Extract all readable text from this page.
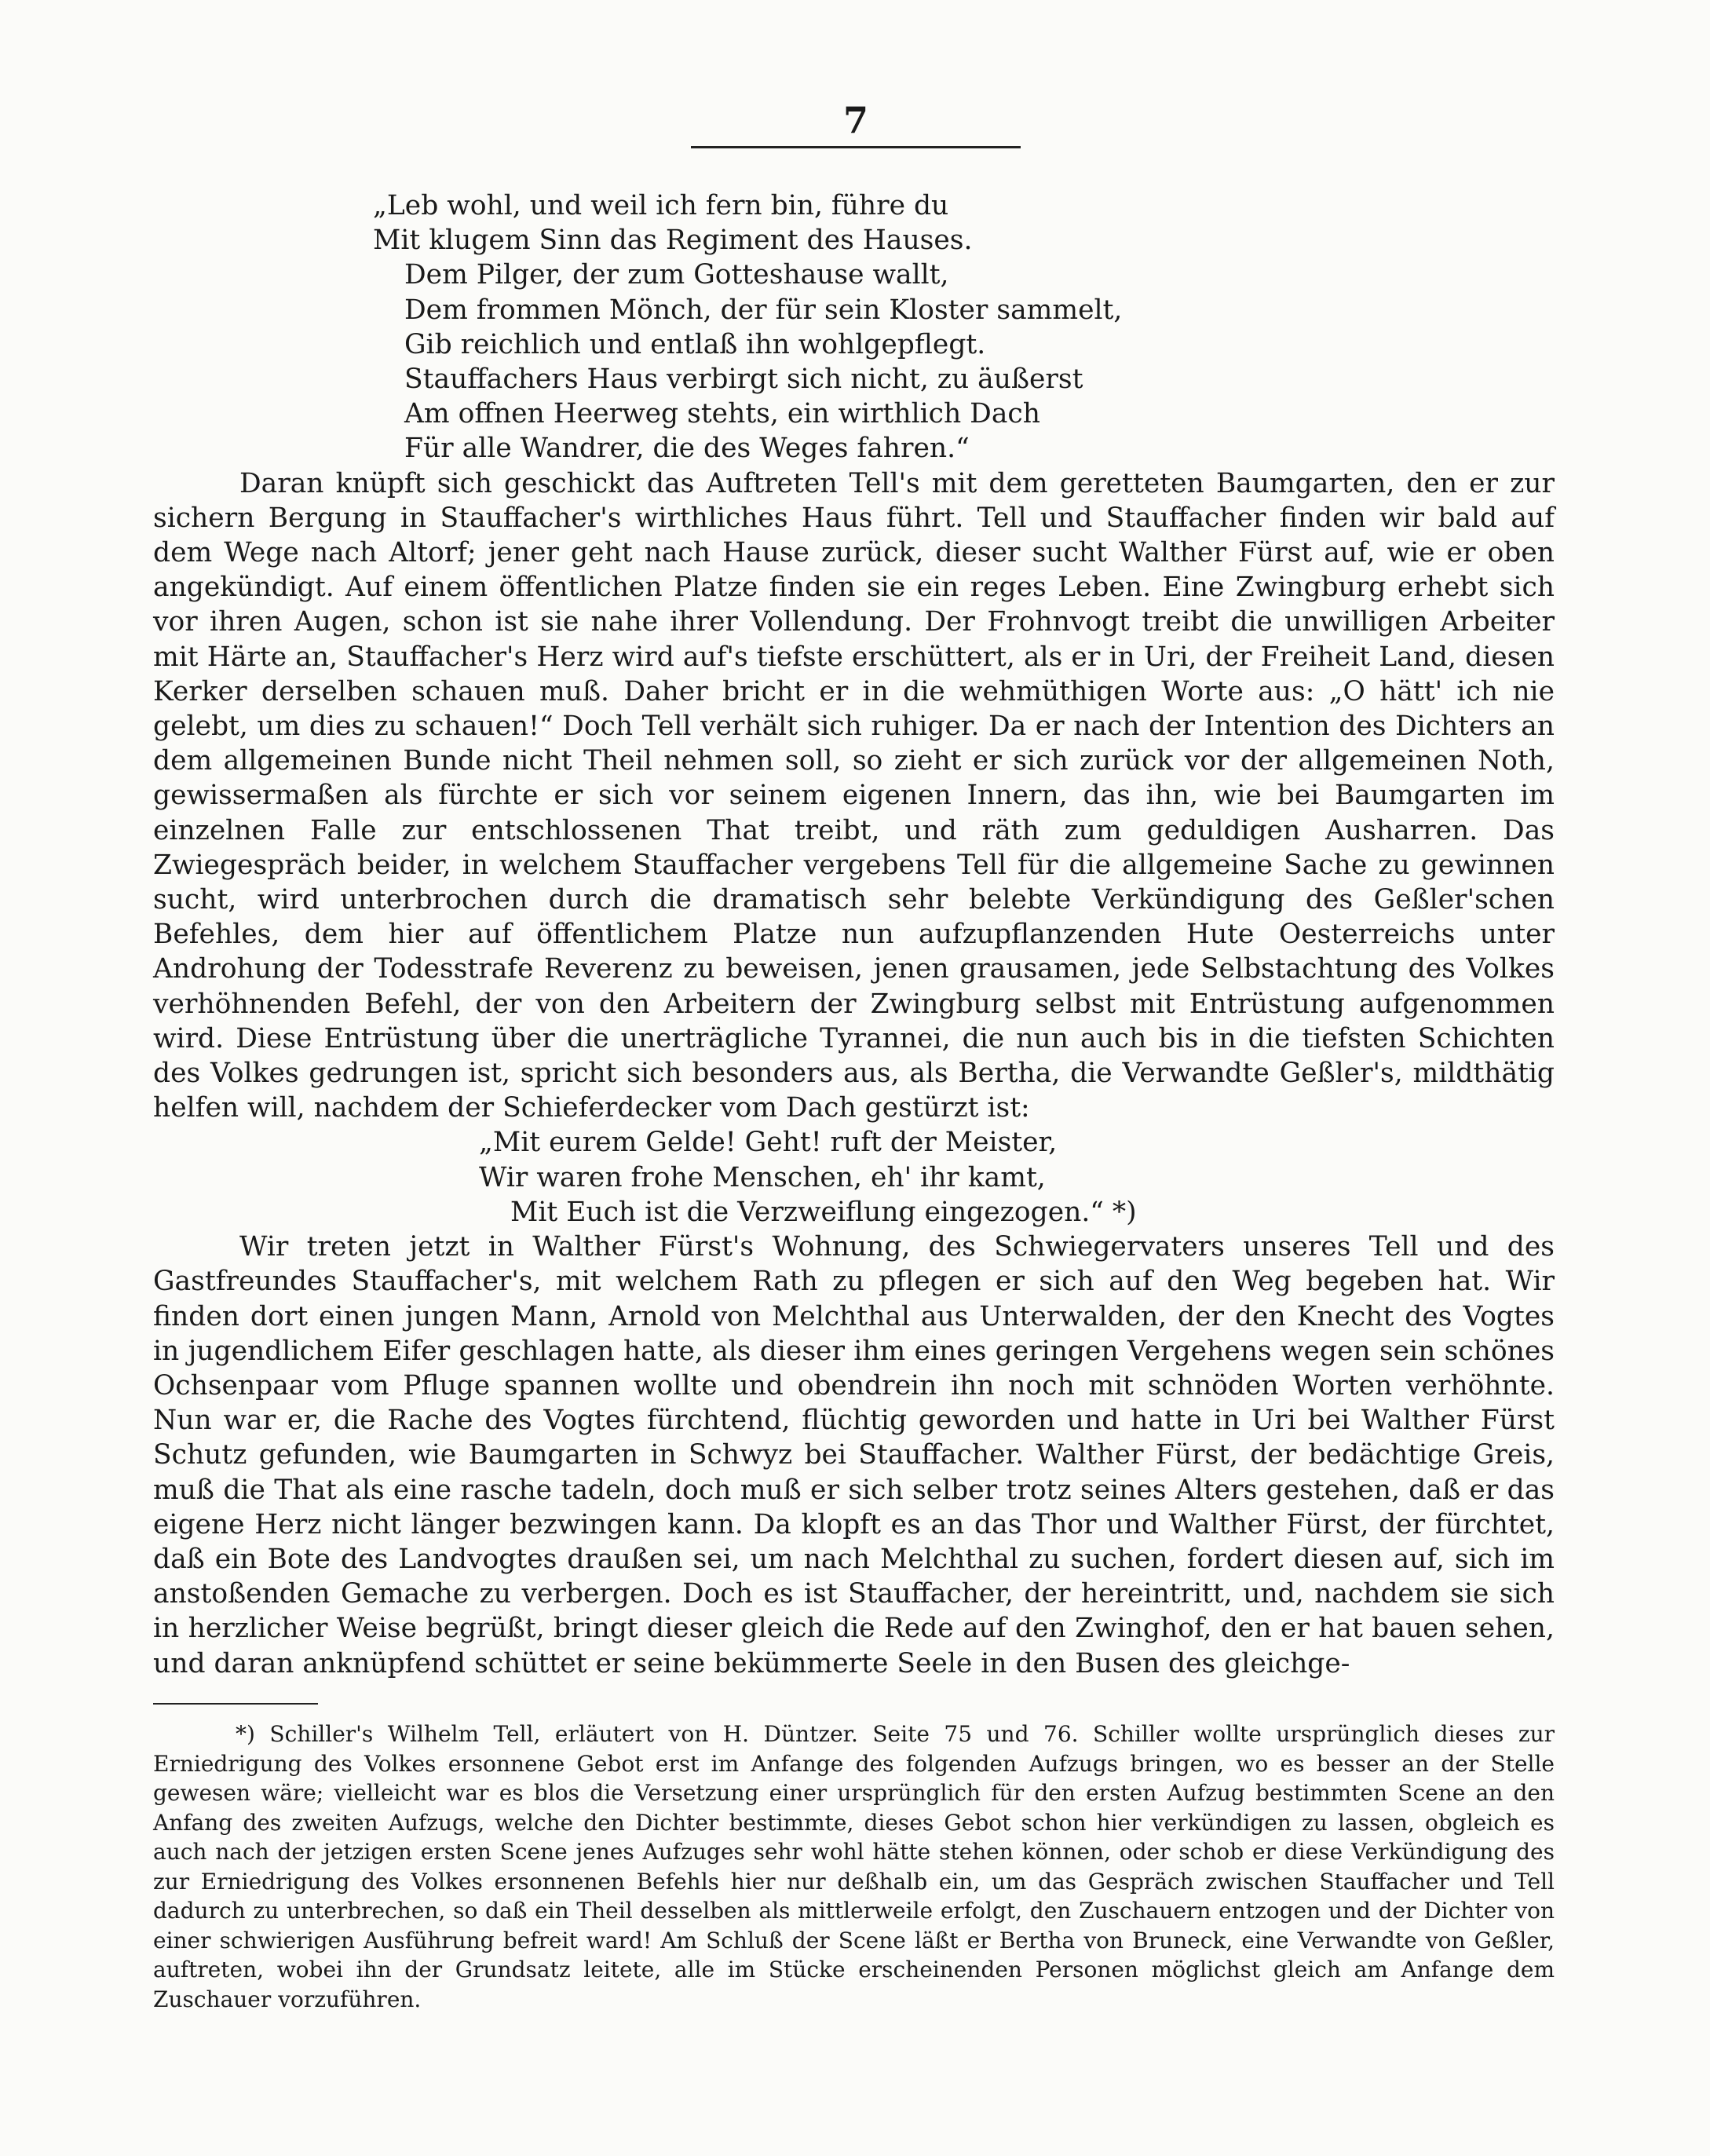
7
„Leb wohl, und weil ich fern bin, führe du
Mit klugem Sinn das Regiment des Hauses.
Dem Pilger, der zum Gotteshause wallt,
Dem frommen Mönch, der für sein Kloster sammelt,
Gib reichlich und entlaß ihn wohlgepflegt.
Stauffachers Haus verbirgt sich nicht, zu äußerst
Am offnen Heerweg stehts, ein wirthlich Dach
Für alle Wandrer, die des Weges fahren.“

Daran knüpft sich geschickt das Auftreten Tell's mit dem geretteten Baumgarten, den er zur sichern Bergung in Stauffacher's wirthliches Haus führt. Tell und Stauffacher finden wir bald auf dem Wege nach Altorf; jener geht nach Hause zurück, dieser sucht Walther Fürst auf, wie er oben angekündigt. Auf einem öffentlichen Platze finden sie ein reges Leben. Eine Zwingburg erhebt sich vor ihren Augen, schon ist sie nahe ihrer Vollendung. Der Frohnvogt treibt die unwilligen Arbeiter mit Härte an, Stauffacher's Herz wird auf's tiefste erschüttert, als er in Uri, der Freiheit Land, diesen Kerker derselben schauen muß. Daher bricht er in die wehmüthigen Worte aus: „O hätt' ich nie gelebt, um dies zu schauen!“ Doch Tell verhält sich ruhiger. Da er nach der Intention des Dichters an dem allgemeinen Bunde nicht Theil nehmen soll, so zieht er sich zurück vor der allgemeinen Noth, gewissermaßen als fürchte er sich vor seinem eigenen Innern, das ihn, wie bei Baumgarten im einzelnen Falle zur entschlossenen That treibt, und räth zum geduldigen Ausharren. Das Zwiegespräch beider, in welchem Stauffacher vergebens Tell für die allgemeine Sache zu gewinnen sucht, wird unterbrochen durch die dramatisch sehr belebte Verkündigung des Geßler'schen Befehles, dem hier auf öffentlichem Platze nun aufzupflanzenden Hute Oesterreichs unter Androhung der Todesstrafe Reverenz zu beweisen, jenen grausamen, jede Selbstachtung des Volkes verhöhnenden Befehl, der von den Arbeitern der Zwingburg selbst mit Entrüstung aufgenommen wird. Diese Entrüstung über die unerträgliche Tyrannei, die nun auch bis in die tiefsten Schichten des Volkes gedrungen ist, spricht sich besonders aus, als Bertha, die Verwandte Geßler's, mildthätig helfen will, nachdem der Schieferdecker vom Dach gestürzt ist:

„Mit eurem Gelde! Geht! ruft der Meister,
Wir waren frohe Menschen, eh' ihr kamt,
Mit Euch ist die Verzweiflung eingezogen.“ *)

Wir treten jetzt in Walther Fürst's Wohnung, des Schwiegervaters unseres Tell und des Gastfreundes Stauffacher's, mit welchem Rath zu pflegen er sich auf den Weg begeben hat. Wir finden dort einen jungen Mann, Arnold von Melchthal aus Unterwalden, der den Knecht des Vogtes in jugendlichem Eifer geschlagen hatte, als dieser ihm eines geringen Vergehens wegen sein schönes Ochsenpaar vom Pfluge spannen wollte und obendrein ihn noch mit schnöden Worten verhöhnte. Nun war er, die Rache des Vogtes fürchtend, flüchtig geworden und hatte in Uri bei Walther Fürst Schutz gefunden, wie Baumgarten in Schwyz bei Stauffacher. Walther Fürst, der bedächtige Greis, muß die That als eine rasche tadeln, doch muß er sich selber trotz seines Alters gestehen, daß er das eigene Herz nicht länger bezwingen kann. Da klopft es an das Thor und Walther Fürst, der fürchtet, daß ein Bote des Landvogtes draußen sei, um nach Melchthal zu suchen, fordert diesen auf, sich im anstoßenden Gemache zu verbergen. Doch es ist Stauffacher, der hereintritt, und, nachdem sie sich in herzlicher Weise begrüßt, bringt dieser gleich die Rede auf den Zwinghof, den er hat bauen sehen, und daran anknüpfend schüttet er seine bekümmerte Seele in den Busen des gleichge-

*) Schiller's Wilhelm Tell, erläutert von H. Düntzer. Seite 75 und 76. Schiller wollte ursprünglich dieses zur Erniedrigung des Volkes ersonnene Gebot erst im Anfange des folgenden Aufzugs bringen, wo es besser an der Stelle gewesen wäre; vielleicht war es blos die Versetzung einer ursprünglich für den ersten Aufzug bestimmten Scene an den Anfang des zweiten Aufzugs, welche den Dichter bestimmte, dieses Gebot schon hier verkündigen zu lassen, obgleich es auch nach der jetzigen ersten Scene jenes Aufzuges sehr wohl hätte stehen können, oder schob er diese Verkündigung des zur Erniedrigung des Volkes ersonnenen Befehls hier nur deßhalb ein, um das Gespräch zwischen Stauffacher und Tell dadurch zu unterbrechen, so daß ein Theil desselben als mittlerweile erfolgt, den Zuschauern entzogen und der Dichter von einer schwierigen Ausführung befreit ward! Am Schluß der Scene läßt er Bertha von Bruneck, eine Verwandte von Geßler, auftreten, wobei ihn der Grundsatz leitete, alle im Stücke erscheinenden Personen möglichst gleich am Anfange dem Zuschauer vorzuführen.
